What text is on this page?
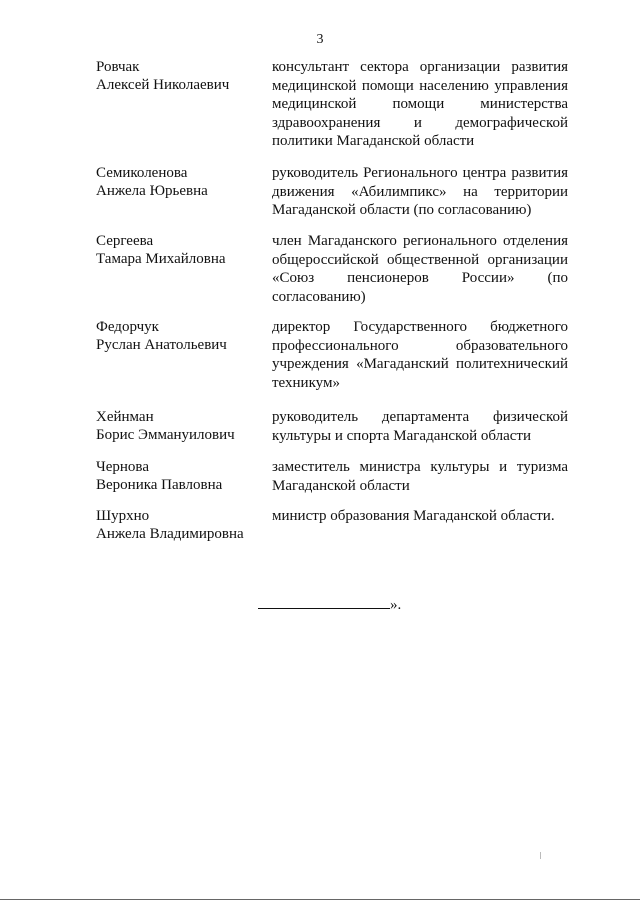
3
Ровчак
Алексей Николаевич
консультант сектора организации развития медицинской помощи населению управления медицинской помощи министерства здравоохранения и демографической политики Магаданской области
Семиколенова
Анжела Юрьевна
руководитель Регионального центра развития движения «Абилимпикс» на территории Магаданской области (по согласованию)
Сергеева
Тамара Михайловна
член Магаданского регионального отделения общероссийской общественной организации «Союз пенсионеров России» (по согласованию)
Федорчук
Руслан Анатольевич
директор Государственного бюджетного профессионального образовательного учреждения «Магаданский политехнический техникум»
Хейнман
Борис Эммануилович
руководитель департамента физической культуры и спорта Магаданской области
Чернова
Вероника Павловна
заместитель министра культуры и туризма Магаданской области
Шурхно
Анжела Владимировна
министр образования Магаданской области.
».
